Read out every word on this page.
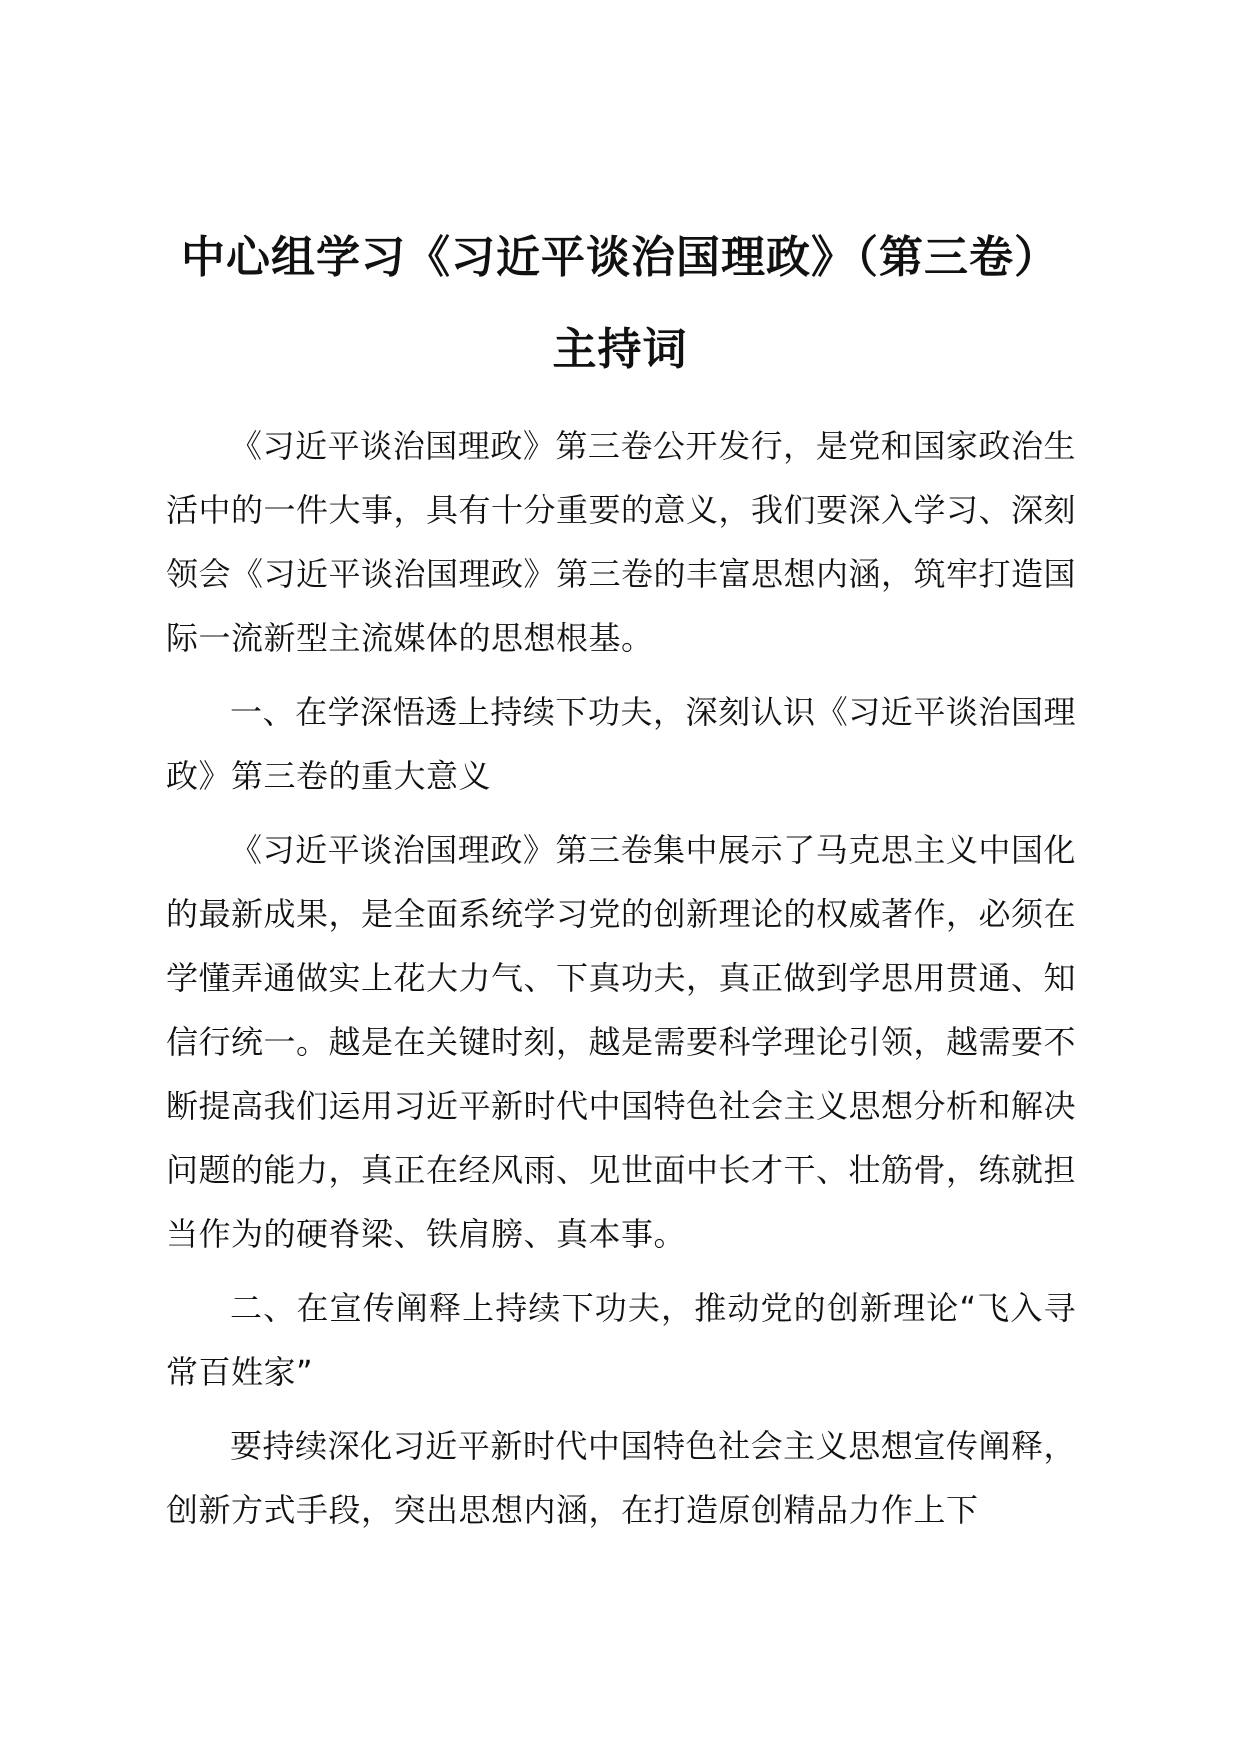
中心组学习《习近平谈治国理政》（第三卷）
主持词

《习近平谈治国理政》第三卷公开发行，是党和国家政治生活中的一件大事，具有十分重要的意义，我们要深入学习、深刻领会《习近平谈治国理政》第三卷的丰富思想内涵，筑牢打造国际一流新型主流媒体的思想根基。

一、在学深悟透上持续下功夫，深刻认识《习近平谈治国理政》第三卷的重大意义

《习近平谈治国理政》第三卷集中展示了马克思主义中国化的最新成果，是全面系统学习党的创新理论的权威著作，必须在学懂弄通做实上花大力气、下真功夫，真正做到学思用贯通、知信行统一。越是在关键时刻，越是需要科学理论引领，越需要不断提高我们运用习近平新时代中国特色社会主义思想分析和解决问题的能力，真正在经风雨、见世面中长才干、壮筋骨，练就担当作为的硬脊梁、铁肩膀、真本事。

二、在宣传阐释上持续下功夫，推动党的创新理论“飞入寻常百姓家”

要持续深化习近平新时代中国特色社会主义思想宣传阐释，创新方式手段，突出思想内涵，在打造原创精品力作上下
